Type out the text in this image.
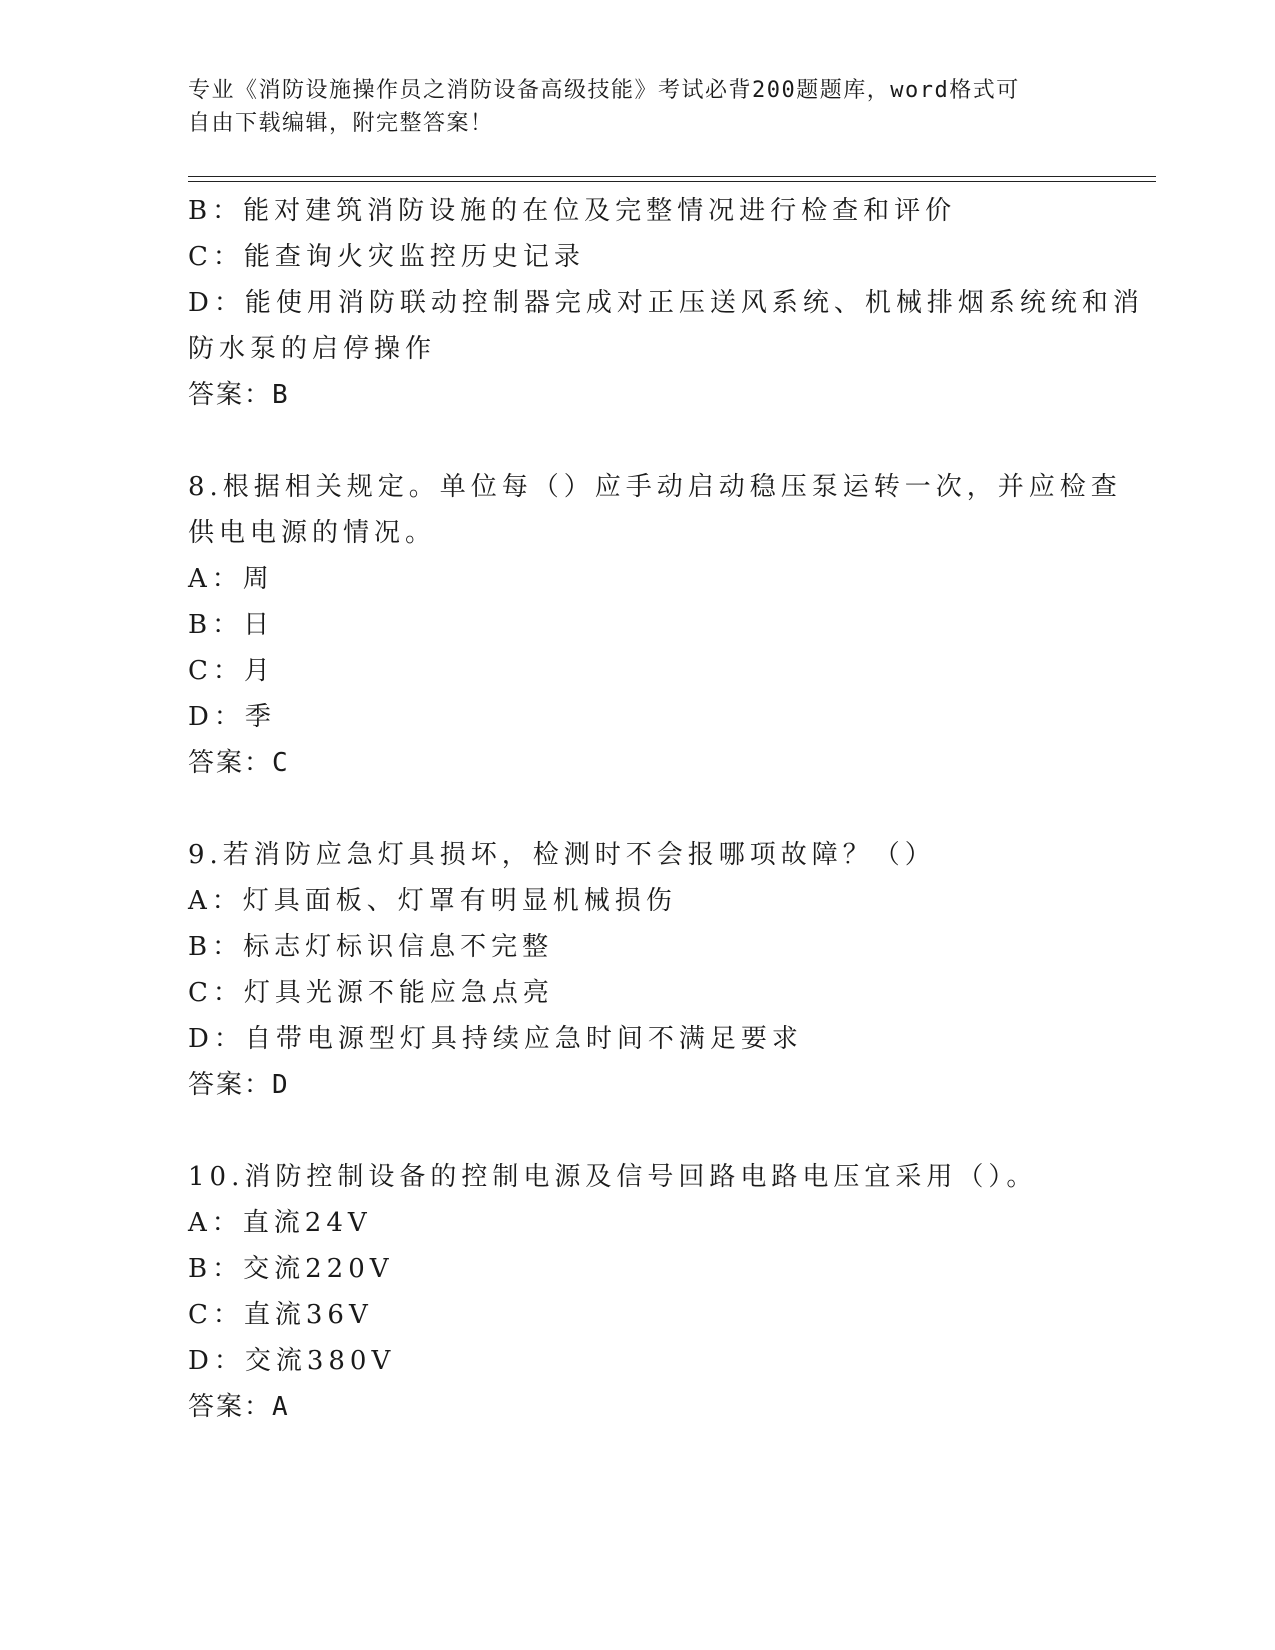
专业《消防设施操作员之消防设备高级技能》考试必背200题题库，word格式可
自由下载编辑，附完整答案！
B：能对建筑消防设施的在位及完整情况进行检查和评价
C：能查询火灾监控历史记录
D：能使用消防联动控制器完成对正压送风系统、机械排烟系统统和消
防水泵的启停操作
答案：B
8.根据相关规定。单位每（）应手动启动稳压泵运转一次，并应检查
供电电源的情况。
A：周
B：日
C：月
D：季
答案：C
9.若消防应急灯具损坏，检测时不会报哪项故障？（）
A：灯具面板、灯罩有明显机械损伤
B：标志灯标识信息不完整
C：灯具光源不能应急点亮
D：自带电源型灯具持续应急时间不满足要求
答案：D
10.消防控制设备的控制电源及信号回路电路电压宜采用（）。
A：直流24V
B：交流220V
C：直流36V
D：交流380V
答案：A
